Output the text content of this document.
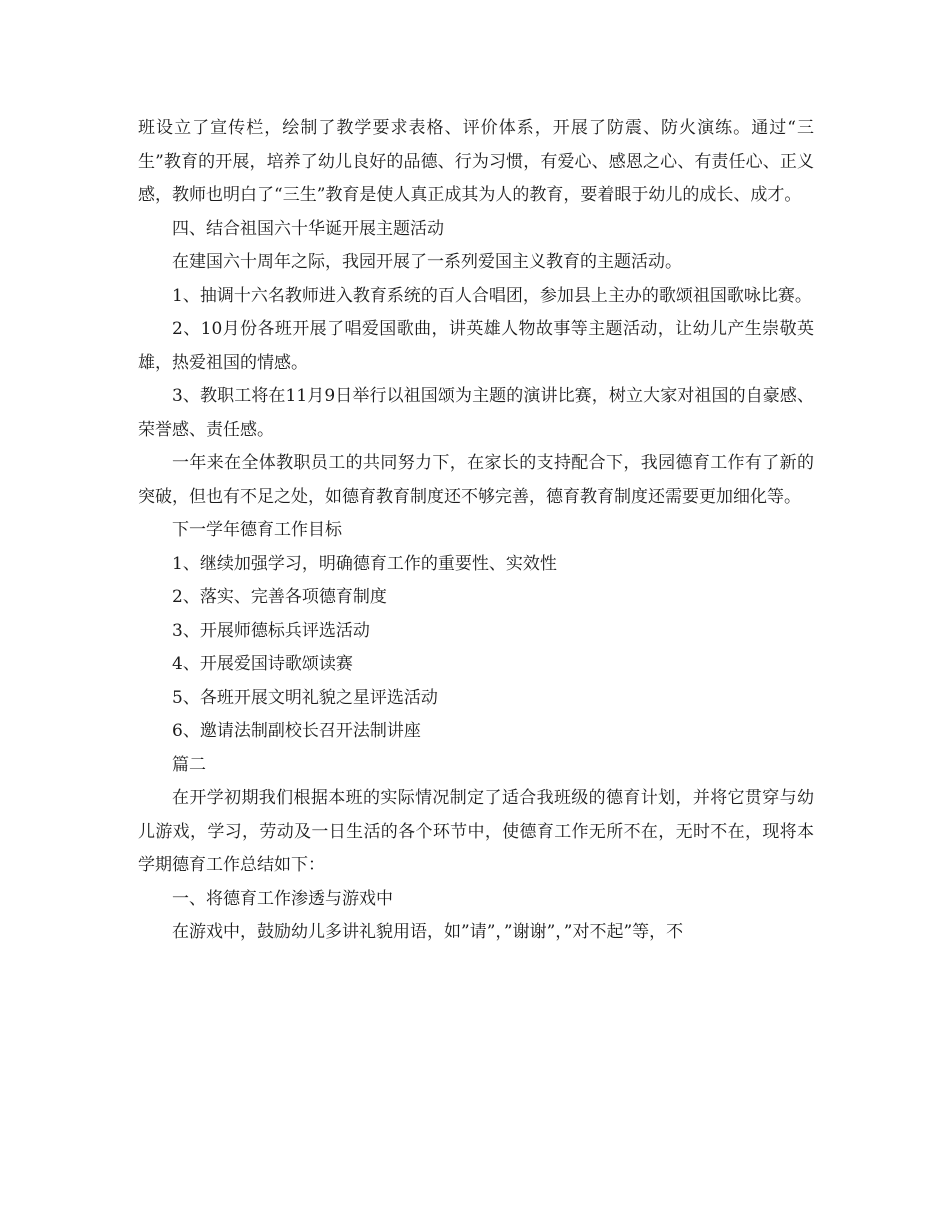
班设立了宣传栏，绘制了教学要求表格、评价体系，开展了防震、防火演练。通过“三生”教育的开展，培养了幼儿良好的品德、行为习惯，有爱心、感恩之心、有责任心、正义感，教师也明白了“三生”教育是使人真正成其为人的教育，要着眼于幼儿的成长、成才。

四、结合祖国六十华诞开展主题活动

在建国六十周年之际，我园开展了一系列爱国主义教育的主题活动。

1、抽调十六名教师进入教育系统的百人合唱团，参加县上主办的歌颂祖国歌咏比赛。

2、10月份各班开展了唱爱国歌曲，讲英雄人物故事等主题活动，让幼儿产生崇敬英雄，热爱祖国的情感。

3、教职工将在11月9日举行以祖国颂为主题的演讲比赛，树立大家对祖国的自豪感、荣誉感、责任感。

一年来在全体教职员工的共同努力下，在家长的支持配合下，我园德育工作有了新的突破，但也有不足之处，如德育教育制度还不够完善，德育教育制度还需要更加细化等。

下一学年德育工作目标

1、继续加强学习，明确德育工作的重要性、实效性

2、落实、完善各项德育制度

3、开展师德标兵评选活动

4、开展爱国诗歌颂读赛

5、各班开展文明礼貌之星评选活动

6、邀请法制副校长召开法制讲座

篇二

在开学初期我们根据本班的实际情况制定了适合我班级的德育计划，并将它贯穿与幼儿游戏，学习，劳动及一日生活的各个环节中，使德育工作无所不在，无时不在，现将本学期德育工作总结如下：

一、将德育工作渗透与游戏中

在游戏中，鼓励幼儿多讲礼貌用语，如”请”，”谢谢”，”对不起”等，不
